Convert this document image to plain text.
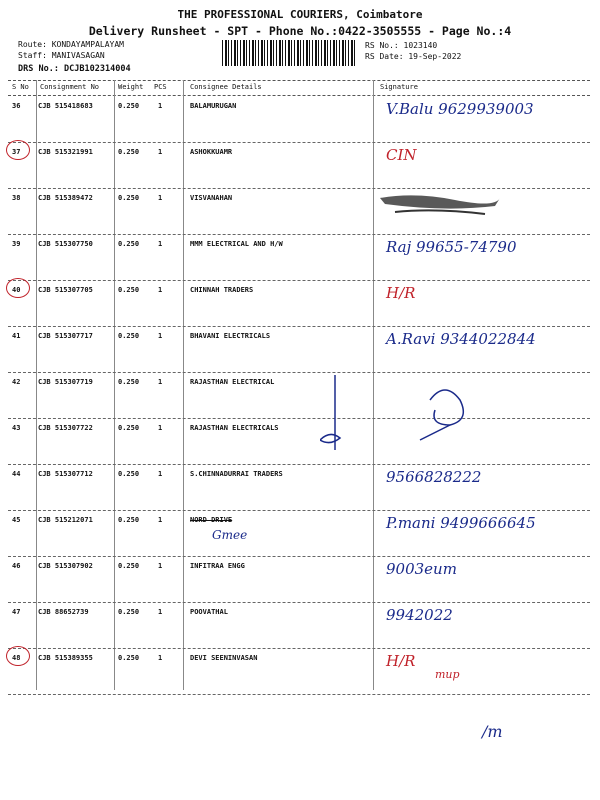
THE PROFESSIONAL COURIERS, Coimbatore
Delivery Runsheet - SPT - Phone No.:0422-3505555 - Page No.:4
Route: KONDAYAMPALAYAM
Staff: MANIVASAGAN
DRS No.: DCJB102314004
RS No.: 1023140
RS Date: 19-Sep-2022
S No Consignment No	Weight PCS	Consignee Details	Signature
36	CJB 515418683	0.250	1	BALAMURUGAN	V.Balu 9629939003
37	CJB 515321991	0.250	1	ASHOKKUAMR	CIN
38	CJB 515389472	0.250	1	VISVANAHAN
39	CJB 515307750	0.250	1	MMM ELECTRICAL AND H/W	Raj 99655-74790
40	CJB 515307705	0.250	1	CHINNAH TRADERS	H/R
41	CJB 515307717	0.250	1	BHAVANI ELECTRICALS	A.Ravi 9344022844
42	CJB 515307719	0.250	1	RAJASTHAN ELECTRICAL
43	CJB 515307722	0.250	1	RAJASTHAN ELECTRICALS
44	CJB 515307712	0.250	1	S.CHINNADURRAI TRADERS	9566828222
45	CJB 515212071	0.250	1	NORD DRIVE	P.mani 9499666645
46	CJB 515307902	0.250	1	INFITRAA ENGG	9003eum
47	CJB 88652739	0.250	1	POOVATHAL	9942022
48	CJB 515389355	0.250	1	DEVI SEENINVASAN	H/R
Gmee
mup
/m
